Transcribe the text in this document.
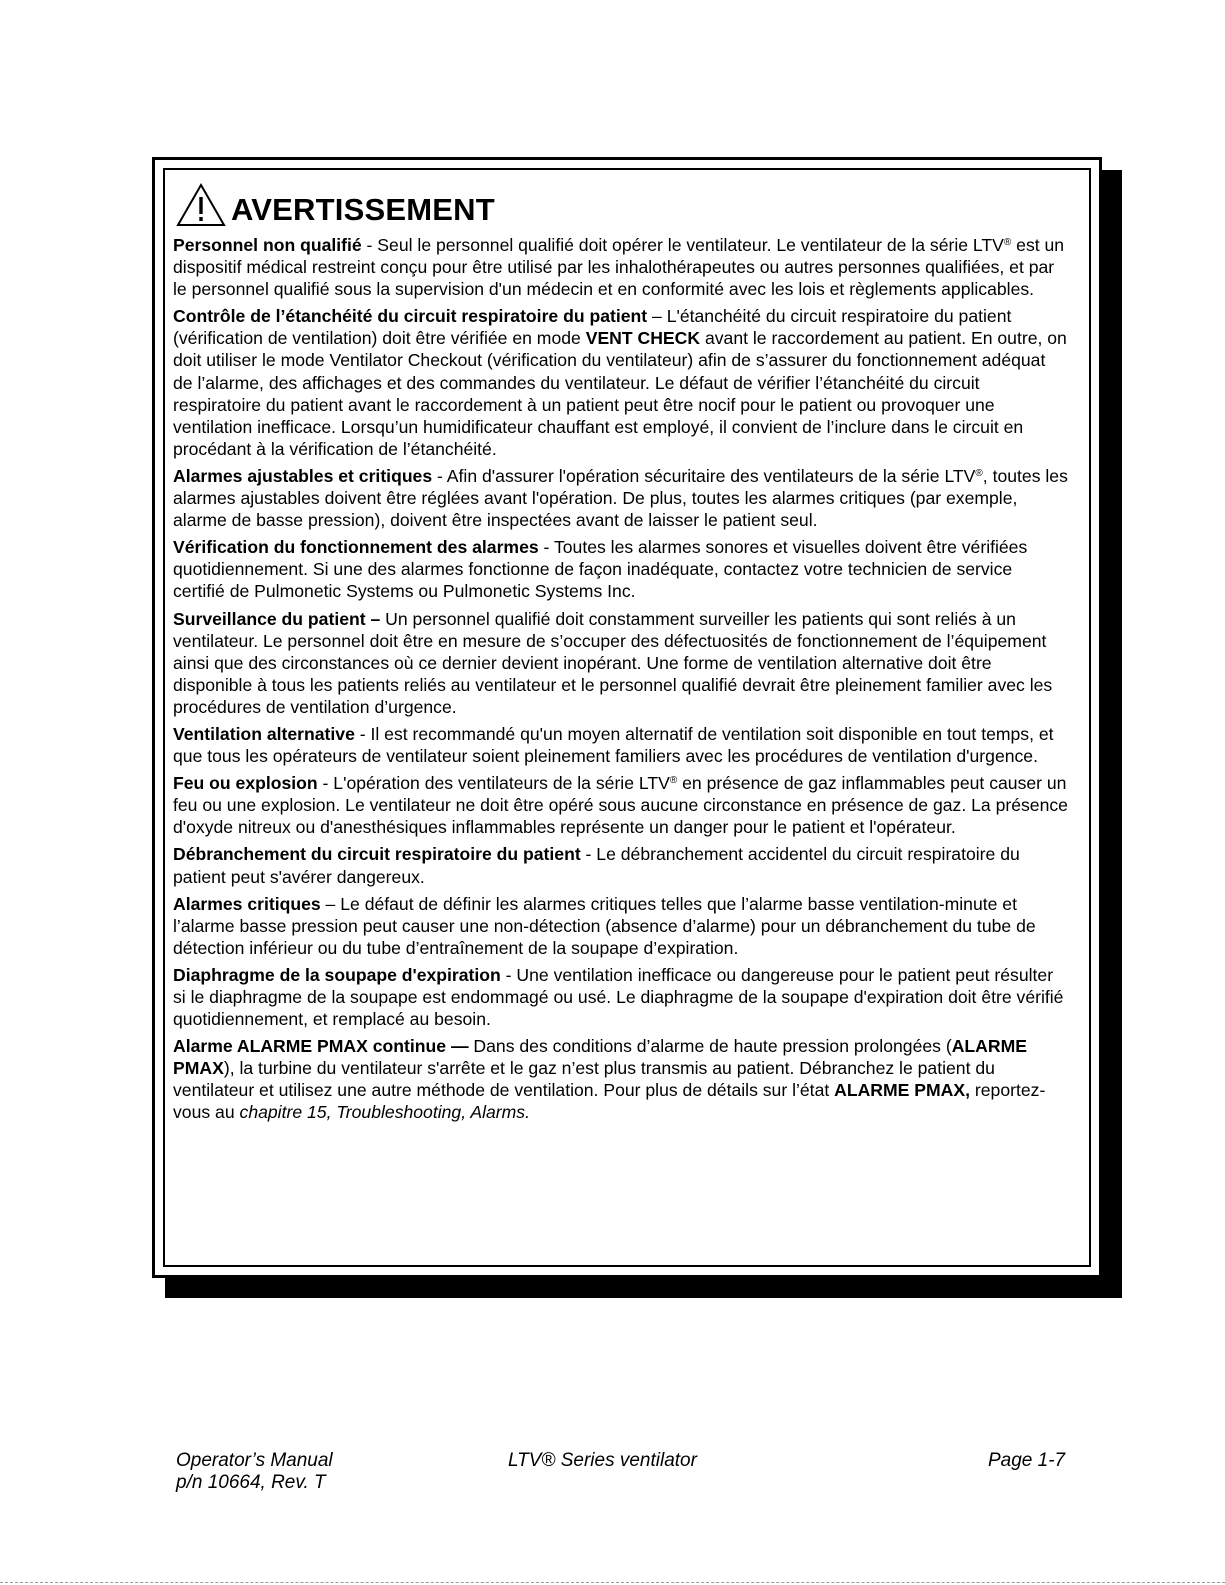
AVERTISSEMENT

Personnel non qualifié - Seul le personnel qualifié doit opérer le ventilateur. Le ventilateur de la série LTV® est un dispositif médical restreint conçu pour être utilisé par les inhalothérapeutes ou autres personnes qualifiées, et par le personnel qualifié sous la supervision d'un médecin et en conformité avec les lois et règlements applicables.

Contrôle de l’étanchéité du circuit respiratoire du patient – L'étanchéité du circuit respiratoire du patient (vérification de ventilation) doit être vérifiée en mode VENT CHECK avant le raccordement au patient. En outre, on doit utiliser le mode Ventilator Checkout (vérification du ventilateur) afin de s’assurer du fonctionnement adéquat de l’alarme, des affichages et des commandes du ventilateur. Le défaut de vérifier l’étanchéité du circuit respiratoire du patient avant le raccordement à un patient peut être nocif pour le patient ou provoquer une ventilation inefficace. Lorsqu’un humidificateur chauffant est employé, il convient de l’inclure dans le circuit en procédant à la vérification de l’étanchéité.

Alarmes ajustables et critiques - Afin d'assurer l'opération sécuritaire des ventilateurs de la série LTV®, toutes les alarmes ajustables doivent être réglées avant l'opération. De plus, toutes les alarmes critiques (par exemple, alarme de basse pression), doivent être inspectées avant de laisser le patient seul.

Vérification du fonctionnement des alarmes - Toutes les alarmes sonores et visuelles doivent être vérifiées quotidiennement. Si une des alarmes fonctionne de façon inadéquate, contactez votre technicien de service certifié de Pulmonetic Systems ou Pulmonetic Systems Inc.

Surveillance du patient – Un personnel qualifié doit constamment surveiller les patients qui sont reliés à un ventilateur. Le personnel doit être en mesure de s’occuper des défectuosités de fonctionnement de l’équipement ainsi que des circonstances où ce dernier devient inopérant. Une forme de ventilation alternative doit être disponible à tous les patients reliés au ventilateur et le personnel qualifié devrait être pleinement familier avec les procédures de ventilation d’urgence.

Ventilation alternative - Il est recommandé qu'un moyen alternatif de ventilation soit disponible en tout temps, et que tous les opérateurs de ventilateur soient pleinement familiers avec les procédures de ventilation d'urgence.

Feu ou explosion - L'opération des ventilateurs de la série LTV® en présence de gaz inflammables peut causer un feu ou une explosion. Le ventilateur ne doit être opéré sous aucune circonstance en présence de gaz. La présence d'oxyde nitreux ou d'anesthésiques inflammables représente un danger pour le patient et l'opérateur.

Débranchement du circuit respiratoire du patient - Le débranchement accidentel du circuit respiratoire du patient peut s'avérer dangereux.

Alarmes critiques – Le défaut de définir les alarmes critiques telles que l’alarme basse ventilation-minute et l’alarme basse pression peut causer une non-détection (absence d’alarme) pour un débranchement du tube de détection inférieur ou du tube d’entraînement de la soupape d’expiration.

Diaphragme de la soupape d'expiration - Une ventilation inefficace ou dangereuse pour le patient peut résulter si le diaphragme de la soupape est endommagé ou usé. Le diaphragme de la soupape d'expiration doit être vérifié quotidiennement, et remplacé au besoin.

Alarme ALARME PMAX continue — Dans des conditions d’alarme de haute pression prolongées (ALARME PMAX), la turbine du ventilateur s'arrête et le gaz n’est plus transmis au patient. Débranchez le patient du ventilateur et utilisez une autre méthode de ventilation. Pour plus de détails sur l’état ALARME PMAX, reportez-vous au chapitre 15, Troubleshooting, Alarms.

Operator’s Manual
p/n 10664, Rev. T
LTV® Series ventilator	Page 1-7
